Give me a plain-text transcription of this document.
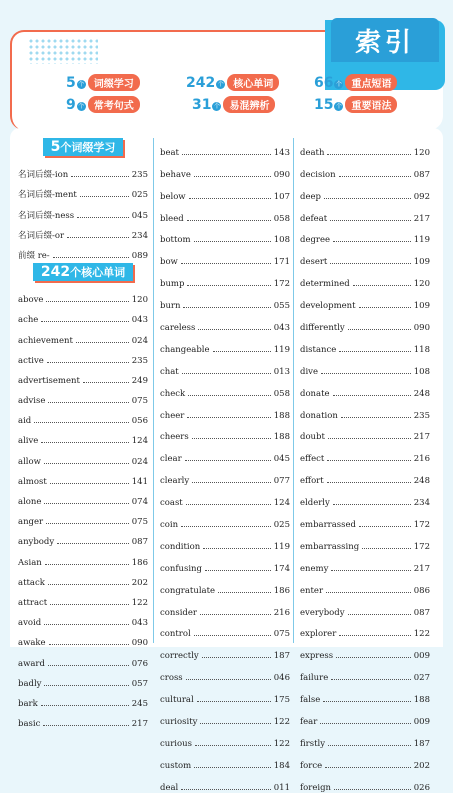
索引
5 个 词缀学习	242 个 核心单词	66 个 重点短语
9 个 常考句式	31 个 易混辨析	15 个 重要语法
5个词缀学习
名词后缀-ion	235
名词后缀-ment	025
名词后缀-ness	045
名词后缀-or	234
前缀 re-	089
242个核心单词
above	120
ache	043
achievement	024
active	235
advertisement	249
advise	075
aid	056
alive	124
allow	024
almost	141
alone	074
anger	075
anybody	087
Asian	186
attack	202
attract	122
avoid	043
awake	090
award	076
badly	057
bark	245
basic	217
beat	143
behave	090
below	107
bleed	058
bottom	108
bow	171
bump	172
burn	055
careless	043
changeable	119
chat	013
check	058
cheer	188
cheers	188
clear	045
clearly	077
coast	124
coin	025
condition	119
confusing	174
congratulate	186
consider	216
control	075
correctly	187
cross	046
cultural	175
curiosity	122
curious	122
custom	184
deal	011
death	120
decision	087
deep	092
defeat	217
degree	119
desert	109
determined	120
development	109
differently	090
distance	118
dive	108
donate	248
donation	235
doubt	217
effect	216
effort	248
elderly	234
embarrassed	172
embarrassing	172
enemy	217
enter	086
everybody	087
explorer	122
express	009
failure	027
false	188
fear	009
firstly	187
force	202
foreign	026
